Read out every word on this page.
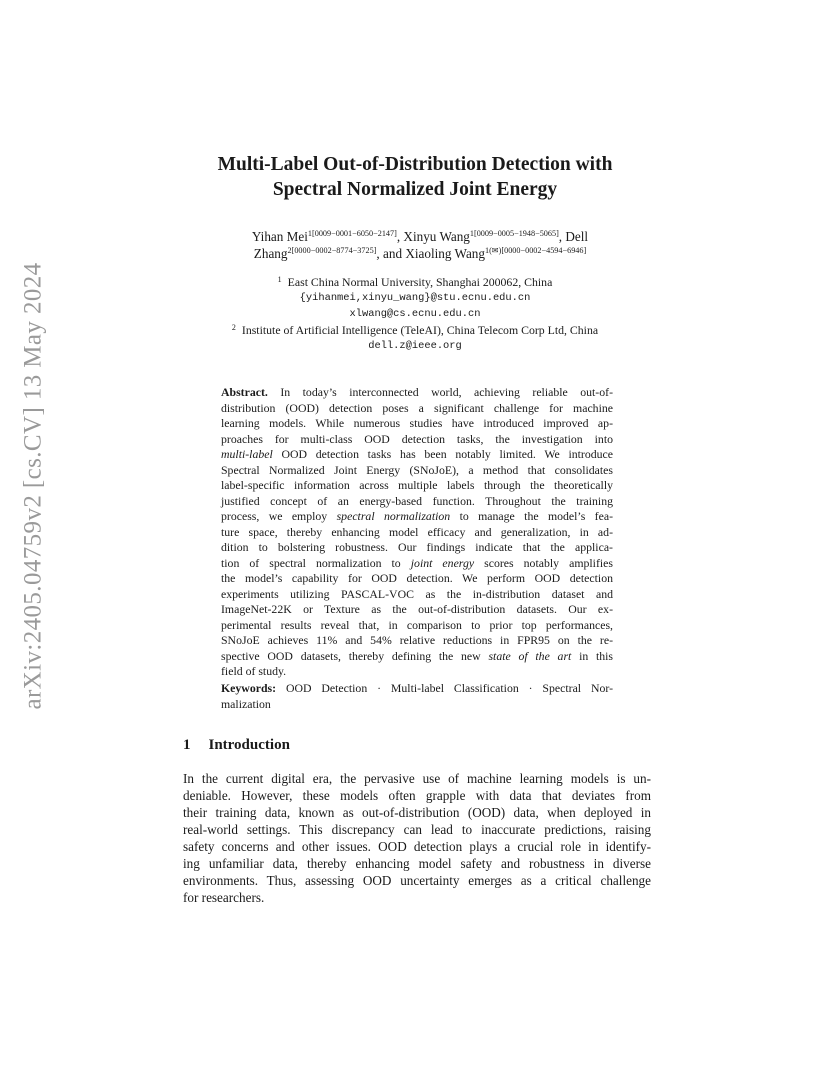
arXiv:2405.04759v2 [cs.CV] 13 May 2024
Multi-Label Out-of-Distribution Detection with
Spectral Normalized Joint Energy
Yihan Mei$^{1[0009-0001-6050-2147]}$, Xinyu Wang$^{1[0009-0005-1948-5065]}$, Dell
Zhang$^{2[0000-0002-8774-3725]}$, and Xiaoling Wang$^{1(✉)[0000-0002-4594-6946]}$
$^1$ East China Normal University, Shanghai 200062, China
{yihanmei,xinyu_wang}@stu.ecnu.edu.cn
xlwang@cs.ecnu.edu.cn
$^2$ Institute of Artificial Intelligence (TeleAI), China Telecom Corp Ltd, China
dell.z@ieee.org
Abstract. In today’s interconnected world, achieving reliable out-of-
distribution (OOD) detection poses a significant challenge for machine
learning models. While numerous studies have introduced improved ap-
proaches for multi-class OOD detection tasks, the investigation into
multi-label OOD detection tasks has been notably limited. We introduce
Spectral Normalized Joint Energy (SNoJoE), a method that consolidates
label-specific information across multiple labels through the theoretically
justified concept of an energy-based function. Throughout the training
process, we employ spectral normalization to manage the model’s fea-
ture space, thereby enhancing model efficacy and generalization, in ad-
dition to bolstering robustness. Our findings indicate that the applica-
tion of spectral normalization to joint energy scores notably amplifies
the model’s capability for OOD detection. We perform OOD detection
experiments utilizing PASCAL-VOC as the in-distribution dataset and
ImageNet-22K or Texture as the out-of-distribution datasets. Our ex-
perimental results reveal that, in comparison to prior top performances,
SNoJoE achieves 11% and 54% relative reductions in FPR95 on the re-
spective OOD datasets, thereby defining the new state of the art in this
field of study.
Keywords: OOD Detection · Multi-label Classification · Spectral Nor-
malization
1 Introduction
In the current digital era, the pervasive use of machine learning models is un-
deniable. However, these models often grapple with data that deviates from
their training data, known as out-of-distribution (OOD) data, when deployed in
real-world settings. This discrepancy can lead to inaccurate predictions, raising
safety concerns and other issues. OOD detection plays a crucial role in identify-
ing unfamiliar data, thereby enhancing model safety and robustness in diverse
environments. Thus, assessing OOD uncertainty emerges as a critical challenge
for researchers.
